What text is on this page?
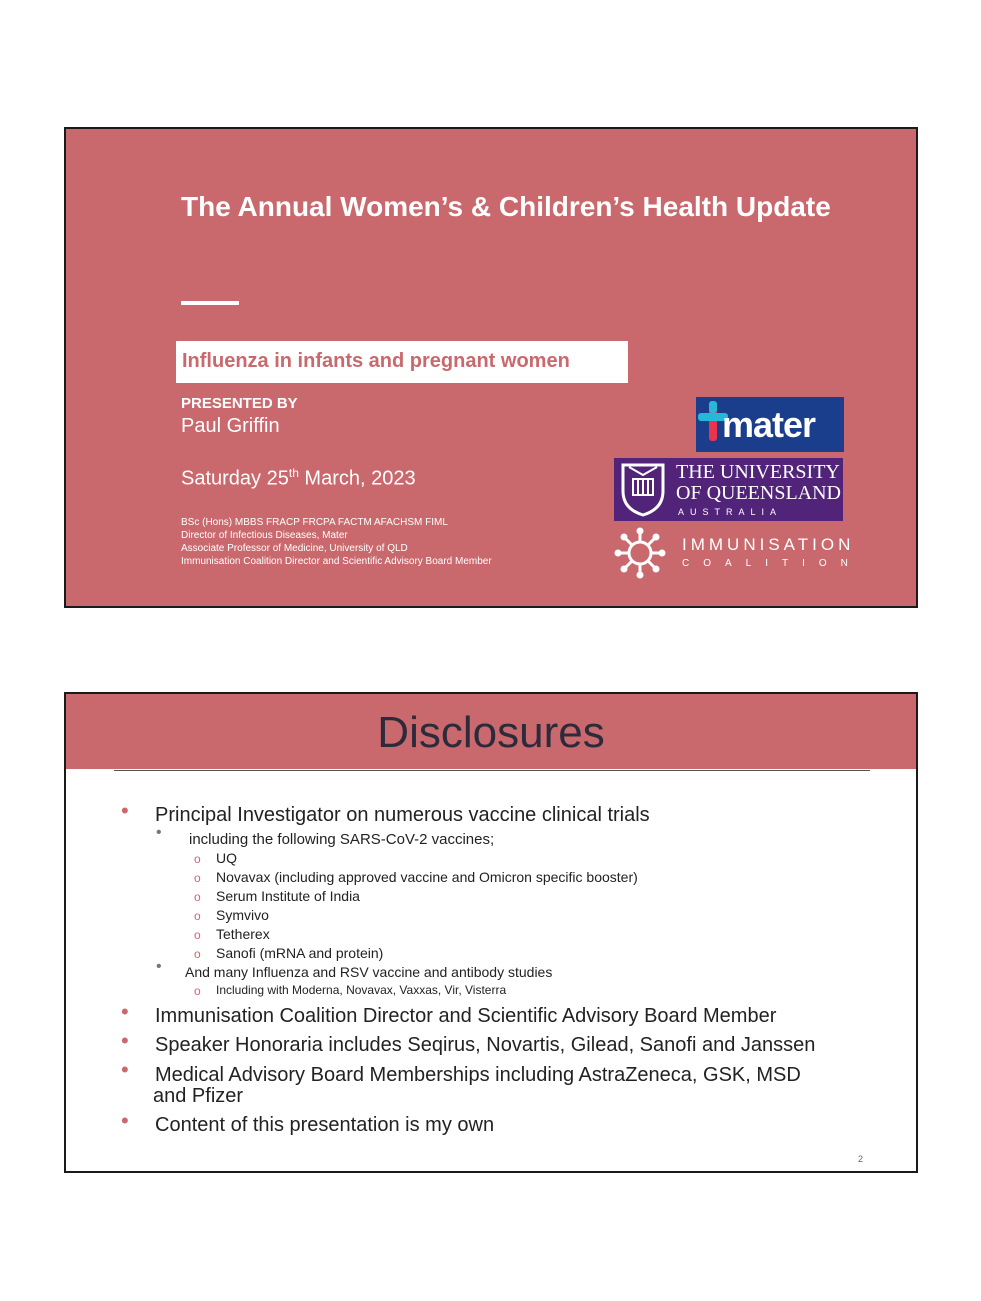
The Annual Women’s & Children’s Health Update
Influenza in infants and pregnant women
PRESENTED BY
Paul Griffin
Saturday 25th March, 2023
BSc (Hons) MBBS FRACP FRCPA FACTM AFACHSM FIML
Director of Infectious Diseases, Mater
Associate Professor of Medicine, University of QLD
Immunisation Coalition Director and Scientific Advisory Board Member
mater
THE UNIVERSITY
OF QUEENSLAND
AUSTRALIA
IMMUNISATION
COALITION
Disclosures
• Principal Investigator on numerous vaccine clinical trials
• including the following SARS-CoV-2 vaccines;
o UQ
o Novavax (including approved vaccine and Omicron specific booster)
o Serum Institute of India
o Symvivo
o Tetherex
o Sanofi (mRNA and protein)
• And many Influenza and RSV vaccine and antibody studies
o Including with Moderna, Novavax, Vaxxas, Vir, Visterra
• Immunisation Coalition Director and Scientific Advisory Board Member
• Speaker Honoraria includes Seqirus, Novartis, Gilead, Sanofi and Janssen
• Medical Advisory Board Memberships including AstraZeneca, GSK, MSD
and Pfizer
• Content of this presentation is my own
2
